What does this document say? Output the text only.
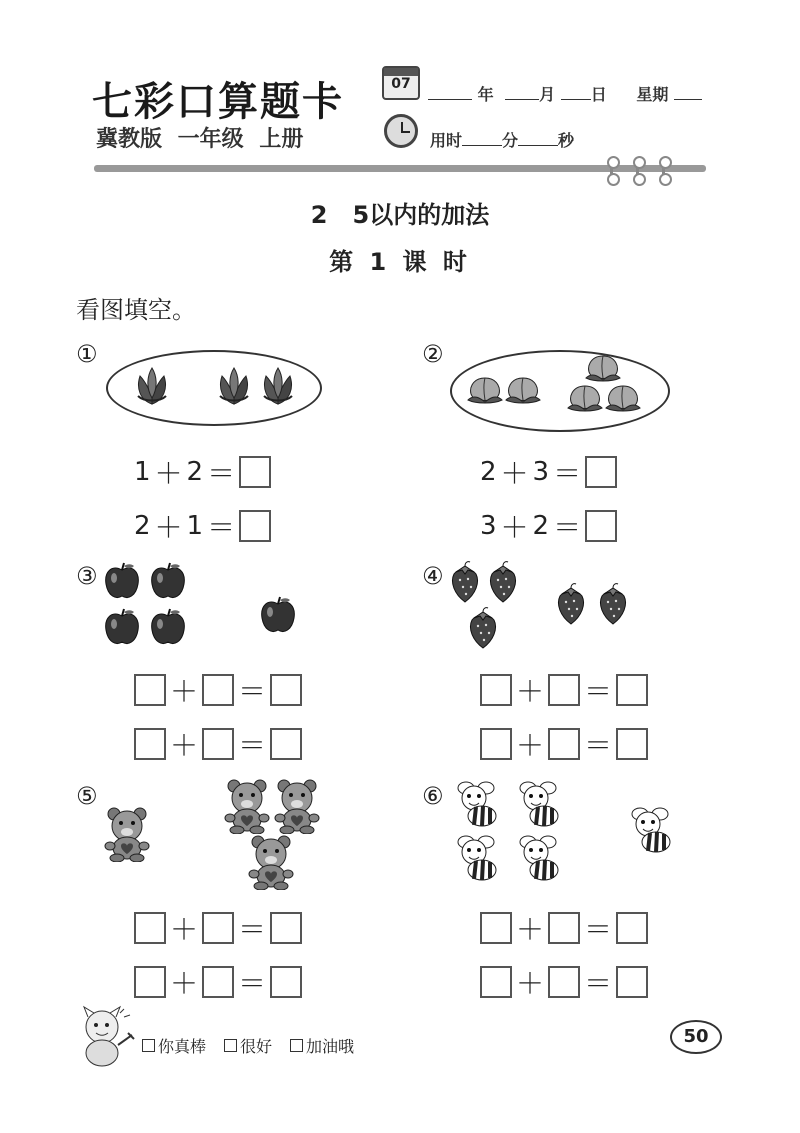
七彩口算题卡
冀教版 一年级 上册
07
年	月 日 星期
用时	分	秒
2   5以内的加法
第 1 课 时
看图填空。
①
1 ＋ 2 ＝
2 ＋ 1 ＝
②
2 ＋ 3 ＝
3 ＋ 2 ＝
③
＋ ＝
＋ ＝
④
＋ ＝
＋ ＝
⑤
＋ ＝
＋ ＝
⑥
＋ ＝
＋ ＝
你真棒 很好 加油哦	50
